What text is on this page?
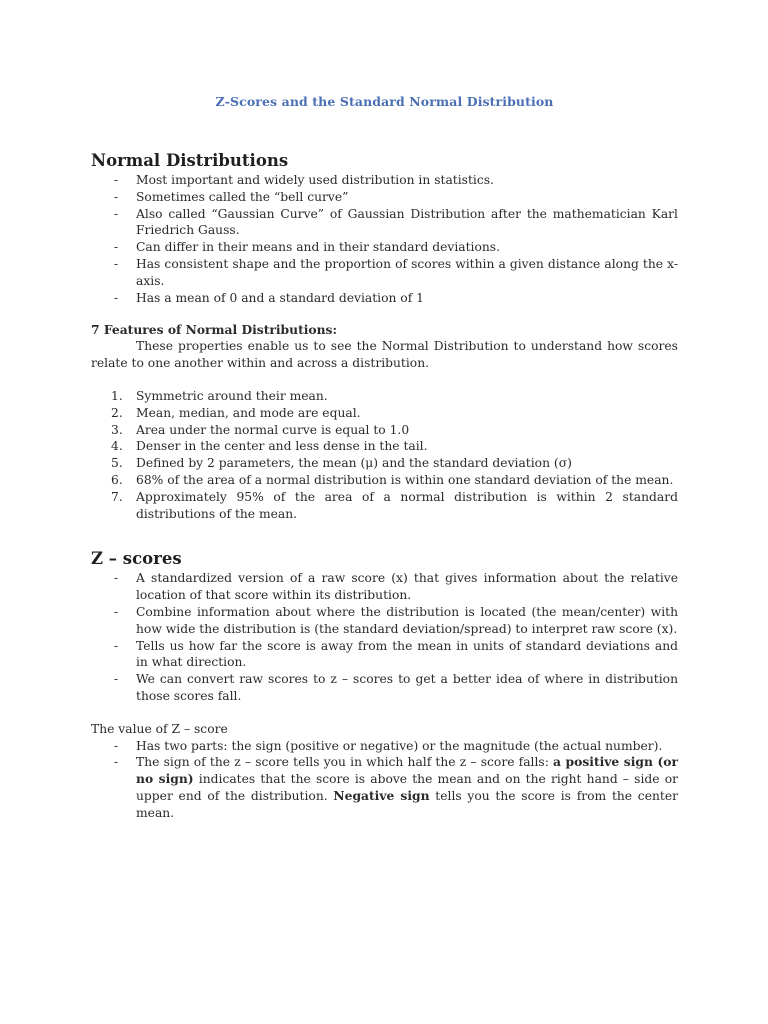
Z-Scores and the Standard Normal Distribution
Normal Distributions
- Most important and widely used distribution in statistics.
- Sometimes called the “bell curve”
- Also called “Gaussian Curve” of Gaussian Distribution after the mathematician Karl Friedrich Gauss.
- Can differ in their means and in their standard deviations.
- Has consistent shape and the proportion of scores within a given distance along the x-axis.
- Has a mean of 0 and a standard deviation of 1
7 Features of Normal Distributions:

These properties enable us to see the Normal Distribution to understand how scores relate to one another within and across a distribution.

1. Symmetric around their mean.
2. Mean, median, and mode are equal.
3. Area under the normal curve is equal to 1.0
4. Denser in the center and less dense in the tail.
5. Defined by 2 parameters, the mean (μ) and the standard deviation (σ)
6. 68% of the area of a normal distribution is within one standard deviation of the mean.
7. Approximately 95% of the area of a normal distribution is within 2 standard distributions of the mean.
Z – scores
- A standardized version of a raw score (x) that gives information about the relative location of that score within its distribution.
- Combine information about where the distribution is located (the mean/center) with how wide the distribution is (the standard deviation/spread) to interpret raw score (x).
- Tells us how far the score is away from the mean in units of standard deviations and in what direction.
- We can convert raw scores to z – scores to get a better idea of where in distribution those scores fall.

The value of Z – score

- Has two parts: the sign (positive or negative) or the magnitude (the actual number).
- The sign of the z – score tells you in which half the z – score falls: a positive sign (or no sign) indicates that the score is above the mean and on the right hand – side or upper end of the distribution. Negative sign tells you the score is from the center mean.
